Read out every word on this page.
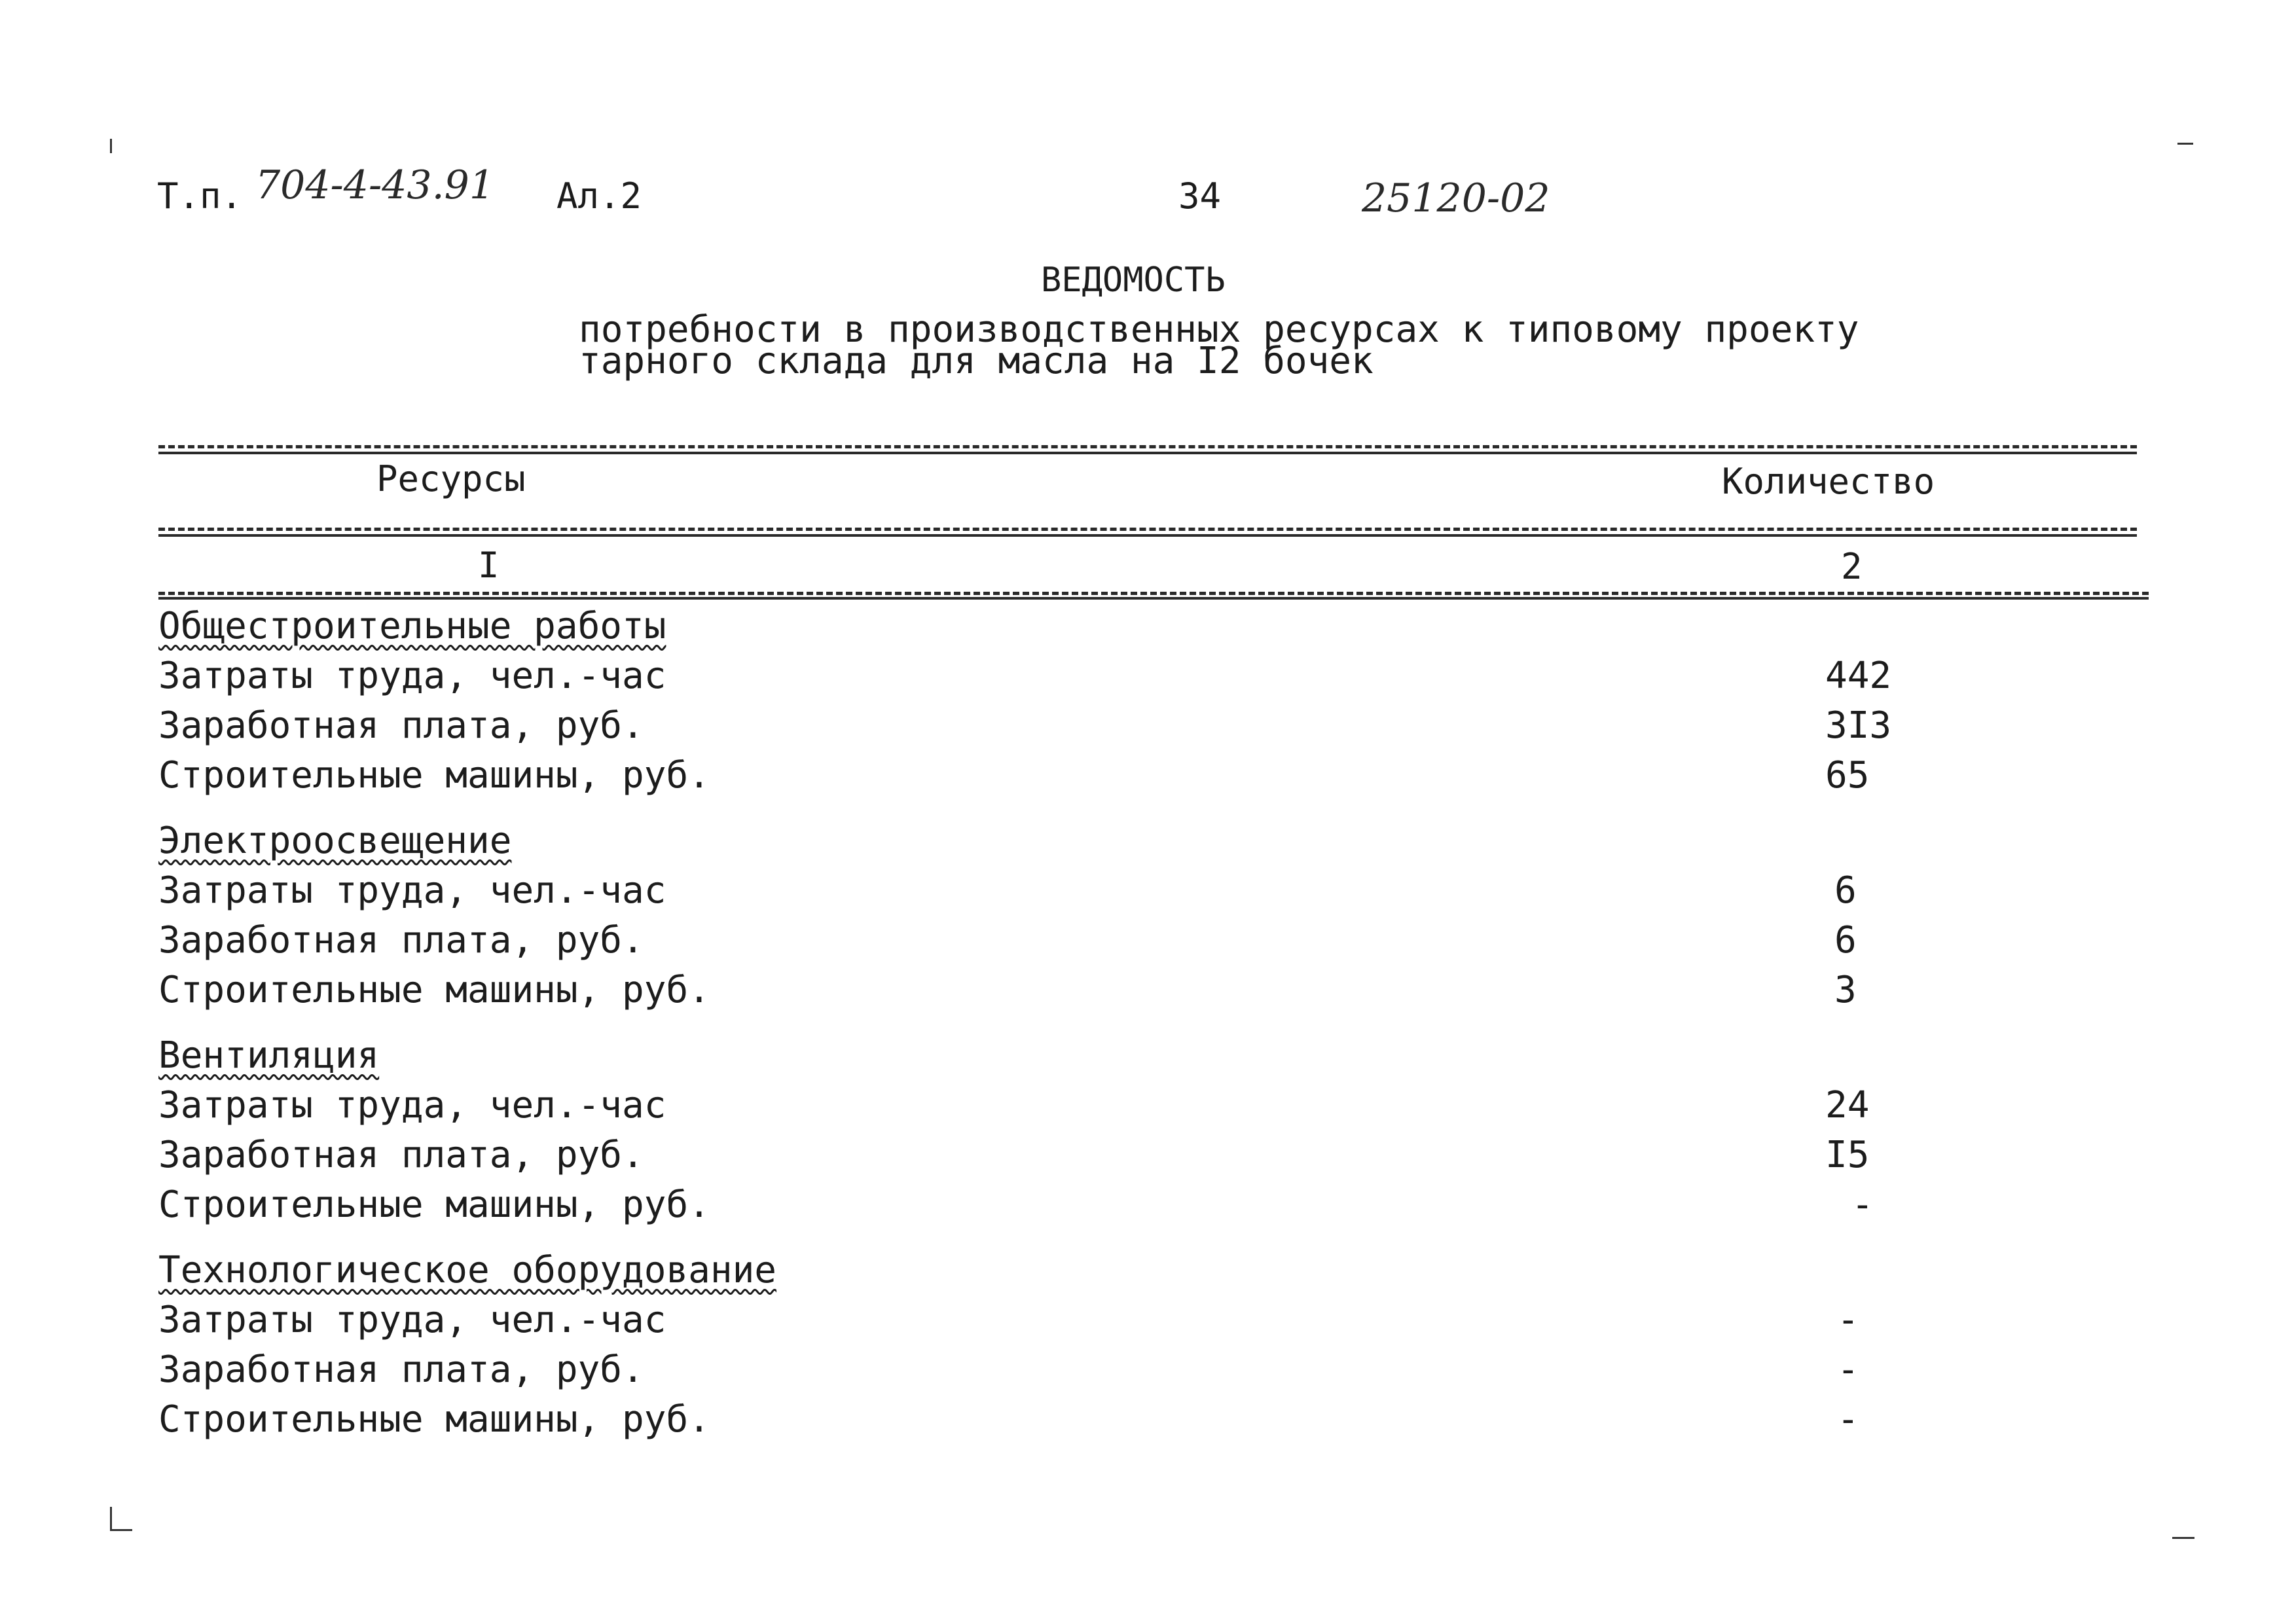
Т.п. 704-4-43.91 Ал.2	34	25120-02
ВЕДОМОСТЬ
потребности в производственных ресурсах к типовому проекту
тарного склада для масла на I2 бочек
Ресурсы	Количество
I	2
Общестроительные работы
Затраты труда, чел.-час	442
Заработная плата, руб.	3I3
Строительные машины, руб.	65
Электроосвещение
Затраты труда, чел.-час	6
Заработная плата, руб.	6
Строительные машины, руб.	3
Вентиляция
Затраты труда, чел.-час	24
Заработная плата, руб.	I5
Строительные машины, руб.	-
Технологическое оборудование
Затраты труда, чел.-час	-
Заработная плата, руб.	-
Строительные машины, руб.	-
